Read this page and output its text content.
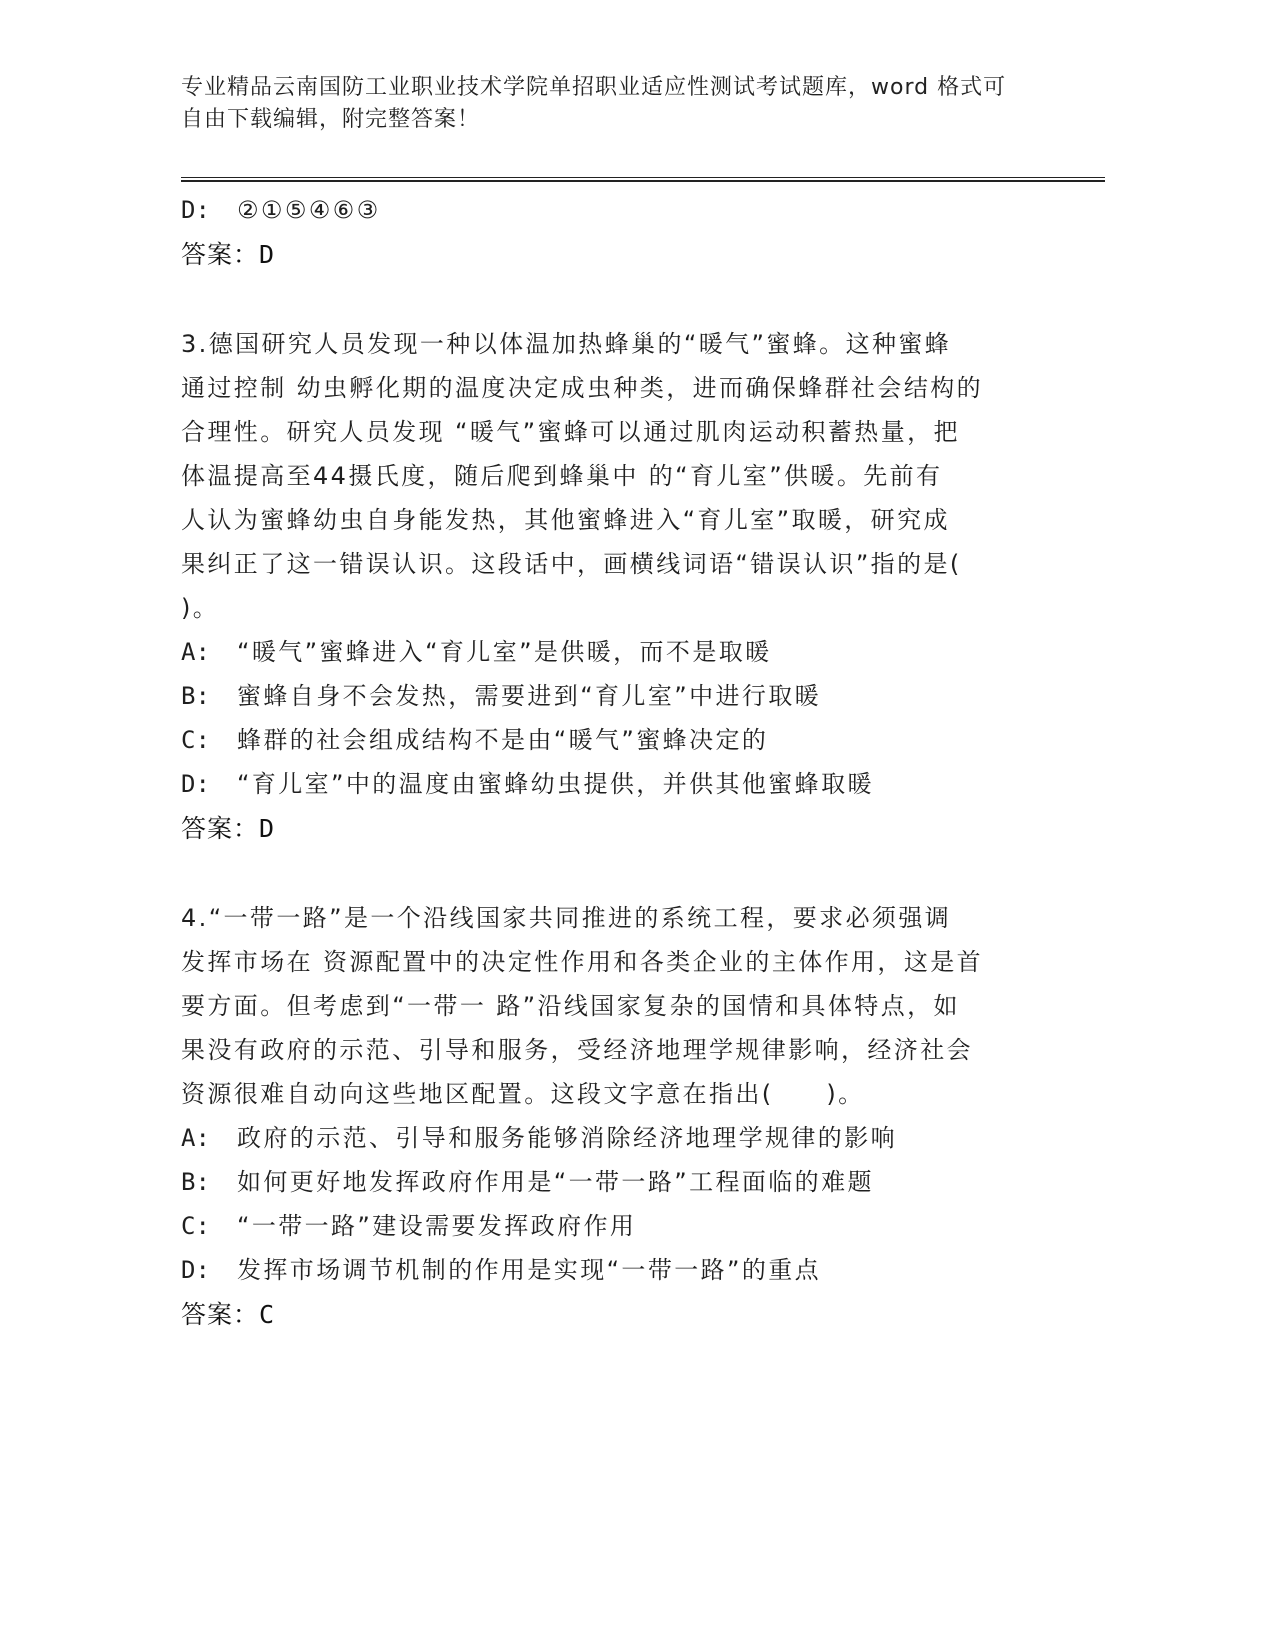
专业精品云南国防工业职业技术学院单招职业适应性测试考试题库，word 格式可
自由下载编辑，附完整答案！
D:	②①⑤④⑥③
答案：D
3.德国研究人员发现一种以体温加热蜂巢的“暖气”蜜蜂。这种蜜蜂
通过控制 幼虫孵化期的温度决定成虫种类，进而确保蜂群社会结构的
合理性。研究人员发现 “暖气”蜜蜂可以通过肌肉运动积蓄热量，把
体温提高至44摄氏度，随后爬到蜂巢中 的“育儿室”供暖。先前有
人认为蜜蜂幼虫自身能发热，其他蜜蜂进入“育儿室”取暖，研究成
果纠正了这一错误认识。这段话中，画横线词语“错误认识”指的是(
)。
A:	“暖气”蜜蜂进入“育儿室”是供暖，而不是取暖
B:	蜜蜂自身不会发热，需要进到“育儿室”中进行取暖
C:	蜂群的社会组成结构不是由“暖气”蜜蜂决定的
D:	“育儿室”中的温度由蜜蜂幼虫提供，并供其他蜜蜂取暖
答案：D
4.“一带一路”是一个沿线国家共同推进的系统工程，要求必须强调
发挥市场在 资源配置中的决定性作用和各类企业的主体作用，这是首
要方面。但考虑到“一带一 路”沿线国家复杂的国情和具体特点，如
果没有政府的示范、引导和服务，受经济地理学规律影响，经济社会
资源很难自动向这些地区配置。这段文字意在指出(　　)。
A:	政府的示范、引导和服务能够消除经济地理学规律的影响
B:	如何更好地发挥政府作用是“一带一路”工程面临的难题
C:	“一带一路”建设需要发挥政府作用
D:	发挥市场调节机制的作用是实现“一带一路”的重点
答案：C
